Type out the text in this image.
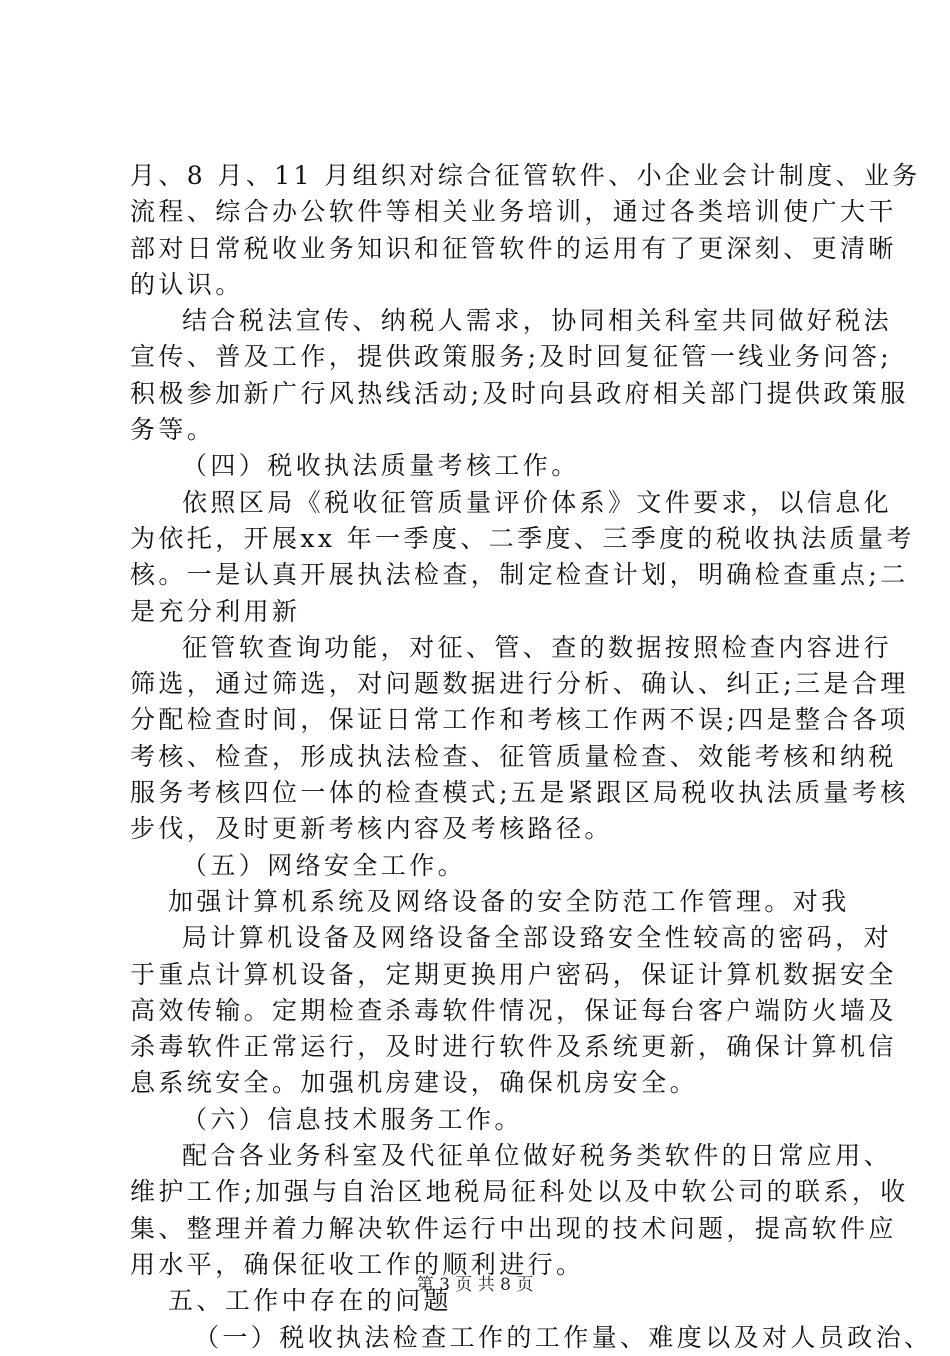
月、8 月、11 月组织对综合征管软件、小企业会计制度、业务
流程、综合办公软件等相关业务培训，通过各类培训使广大干
部对日常税收业务知识和征管软件的运用有了更深刻、更清晰
的认识。
结合税法宣传、纳税人需求，协同相关科室共同做好税法
宣传、普及工作，提供政策服务;及时回复征管一线业务问答;
积极参加新广行风热线活动;及时向县政府相关部门提供政策服
务等。
（四）税收执法质量考核工作。
依照区局《税收征管质量评价体系》文件要求，以信息化
为依托，开展xx 年一季度、二季度、三季度的税收执法质量考
核。一是认真开展执法检查，制定检查计划，明确检查重点;二
是充分利用新
征管软查询功能，对征、管、查的数据按照检查内容进行
筛选，通过筛选，对问题数据进行分析、确认、纠正;三是合理
分配检查时间，保证日常工作和考核工作两不误;四是整合各项
考核、检查，形成执法检查、征管质量检查、效能考核和纳税
服务考核四位一体的检查模式;五是紧跟区局税收执法质量考核
步伐，及时更新考核内容及考核路径。
（五）网络安全工作。
加强计算机系统及网络设备的安全防范工作管理。对我
局计算机设备及网络设备全部设臵安全性较高的密码，对
于重点计算机设备，定期更换用户密码，保证计算机数据安全
高效传输。定期检查杀毒软件情况，保证每台客户端防火墙及
杀毒软件正常运行，及时进行软件及系统更新，确保计算机信
息系统安全。加强机房建设，确保机房安全。
（六）信息技术服务工作。
配合各业务科室及代征单位做好税务类软件的日常应用、
维护工作;加强与自治区地税局征科处以及中软公司的联系，收
集、整理并着力解决软件运行中出现的技术问题，提高软件应
用水平，确保征收工作的顺利进行。
五、工作中存在的问题
（一）税收执法检查工作的工作量、难度以及对人员政治、
第 3 页 共 8 页
